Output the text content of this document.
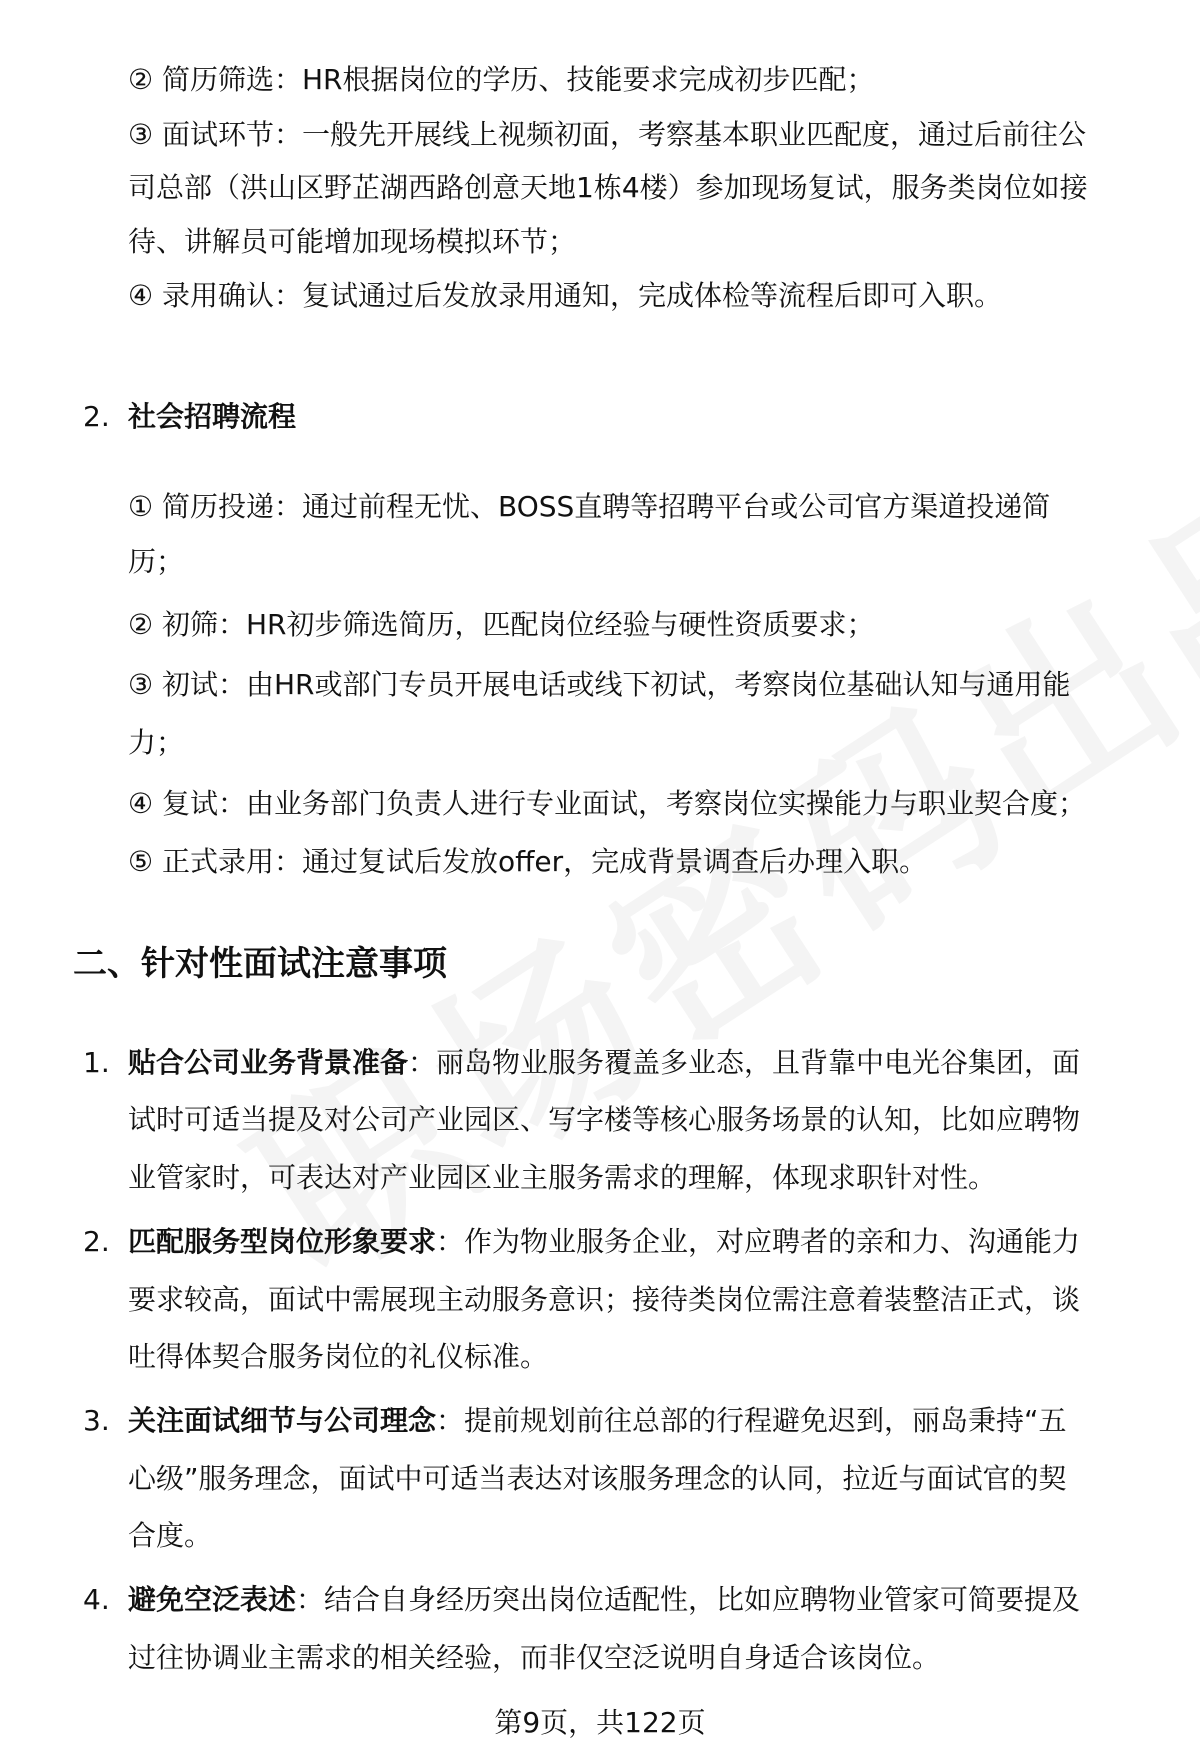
② 简历筛选：HR根据岗位的学历、技能要求完成初步匹配；
③ 面试环节：一般先开展线上视频初面，考察基本职业匹配度，通过后前往公
司总部（洪山区野芷湖西路创意天地1栋4楼）参加现场复试，服务类岗位如接
待、讲解员可能增加现场模拟环节；
④ 录用确认：复试通过后发放录用通知，完成体检等流程后即可入职。
2. 社会招聘流程
① 简历投递：通过前程无忧、BOSS直聘等招聘平台或公司官方渠道投递简
历；
② 初筛：HR初步筛选简历，匹配岗位经验与硬性资质要求；
③ 初试：由HR或部门专员开展电话或线下初试，考察岗位基础认知与通用能
力；
④ 复试：由业务部门负责人进行专业面试，考察岗位实操能力与职业契合度；
⑤ 正式录用：通过复试后发放offer，完成背景调查后办理入职。
二、针对性面试注意事项
1. 贴合公司业务背景准备：丽岛物业服务覆盖多业态，且背靠中电光谷集团，面
试时可适当提及对公司产业园区、写字楼等核心服务场景的认知，比如应聘物
业管家时，可表达对产业园区业主服务需求的理解，体现求职针对性。
2. 匹配服务型岗位形象要求：作为物业服务企业，对应聘者的亲和力、沟通能力
要求较高，面试中需展现主动服务意识；接待类岗位需注意着装整洁正式，谈
吐得体契合服务岗位的礼仪标准。
3. 关注面试细节与公司理念：提前规划前往总部的行程避免迟到，丽岛秉持“五
心级”服务理念，面试中可适当表达对该服务理念的认同，拉近与面试官的契
合度。
4. 避免空泛表述：结合自身经历突出岗位适配性，比如应聘物业管家可简要提及
过往协调业主需求的相关经验，而非仅空泛说明自身适合该岗位。
第9页，共122页
